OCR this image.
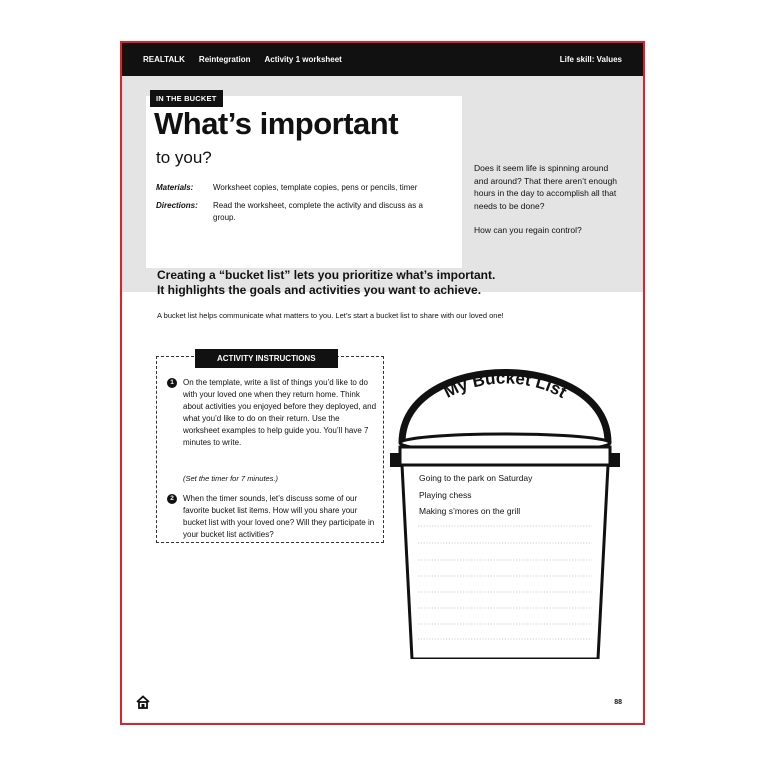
REALTALK Reintegration Activity 1 worksheet	Life skill: Values
IN THE BUCKET
What’s important
to you?
Materials:	Worksheet copies, template copies, pens or pencils, timer
Directions:	Read the worksheet, complete the activity and discuss as a group.

Does it seem life is spinning around and around? That there aren’t enough hours in the day to accomplish all that needs to be done?

How can you regain control?

Creating a “bucket list” lets you prioritize what’s important.
It highlights the goals and activities you want to achieve.
A bucket list helps communicate what matters to you. Let’s start a bucket list to share with our loved one!
ACTIVITY INSTRUCTIONS
1	On the template, write a list of things you’d like to do with your loved one when they return home. Think about activities you enjoyed before they deployed, and what you’d like to do on their return. Use the worksheet examples to help guide you. You’ll have 7 minutes to write.
(Set the timer for 7 minutes.)
2	When the timer sounds, let’s discuss some of our favorite bucket list items. How will you share your bucket list with your loved one? Will they participate in your bucket list activities?
My Bucket List
Going to the park on Saturday
Playing chess
Making s’mores on the grill
88
